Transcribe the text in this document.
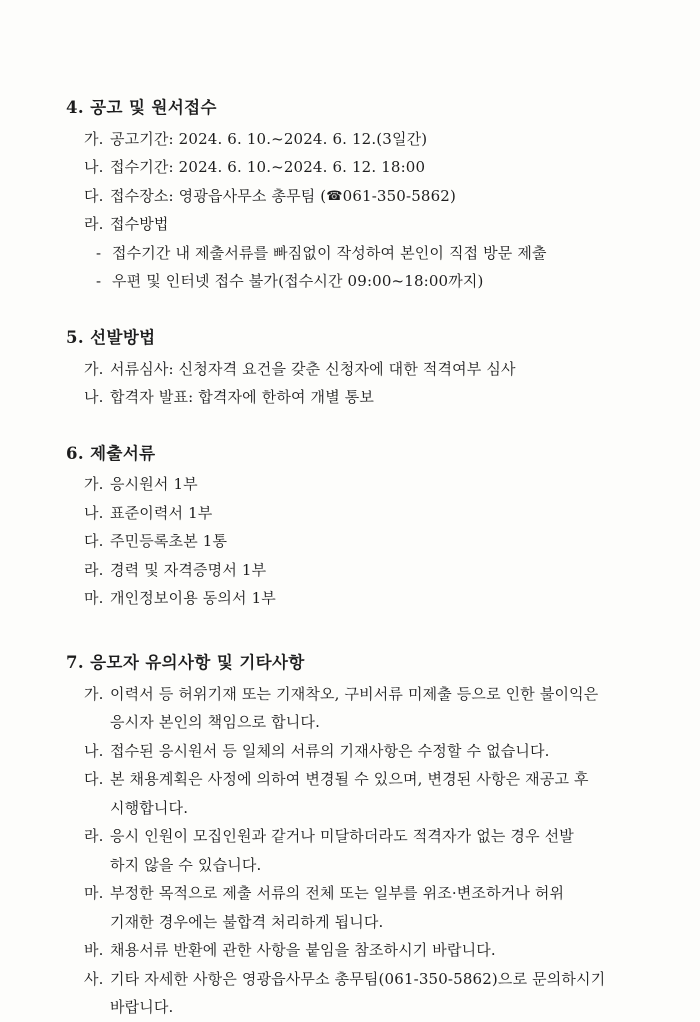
4. 공고 및 원서접수
가. 공고기간: 2024. 6. 10.~2024. 6. 12.(3일간)
나. 접수기간: 2024. 6. 10.~2024. 6. 12. 18:00
다. 접수장소: 영광읍사무소 총무팀 (☎061-350-5862)
라. 접수방법
- 접수기간 내 제출서류를 빠짐없이 작성하여 본인이 직접 방문 제출
- 우편 및 인터넷 접수 불가(접수시간 09:00~18:00까지)
5. 선발방법
가. 서류심사: 신청자격 요건을 갖춘 신청자에 대한 적격여부 심사
나. 합격자 발표: 합격자에 한하여 개별 통보
6. 제출서류
가. 응시원서 1부
나. 표준이력서 1부
다. 주민등록초본 1통
라. 경력 및 자격증명서 1부
마. 개인정보이용 동의서 1부
7. 응모자 유의사항 및 기타사항
가. 이력서 등 허위기재 또는 기재착오, 구비서류 미제출 등으로 인한 불이익은
응시자 본인의 책임으로 합니다.
나. 접수된 응시원서 등 일체의 서류의 기재사항은 수정할 수 없습니다.
다. 본 채용계획은 사정에 의하여 변경될 수 있으며, 변경된 사항은 재공고 후
시행합니다.
라. 응시 인원이 모집인원과 같거나 미달하더라도 적격자가 없는 경우 선발
하지 않을 수 있습니다.
마. 부정한 목적으로 제출 서류의 전체 또는 일부를 위조·변조하거나 허위
기재한 경우에는 불합격 처리하게 됩니다.
바. 채용서류 반환에 관한 사항을 붙임을 참조하시기 바랍니다.
사. 기타 자세한 사항은 영광읍사무소 총무팀(061-350-5862)으로 문의하시기
바랍니다.
